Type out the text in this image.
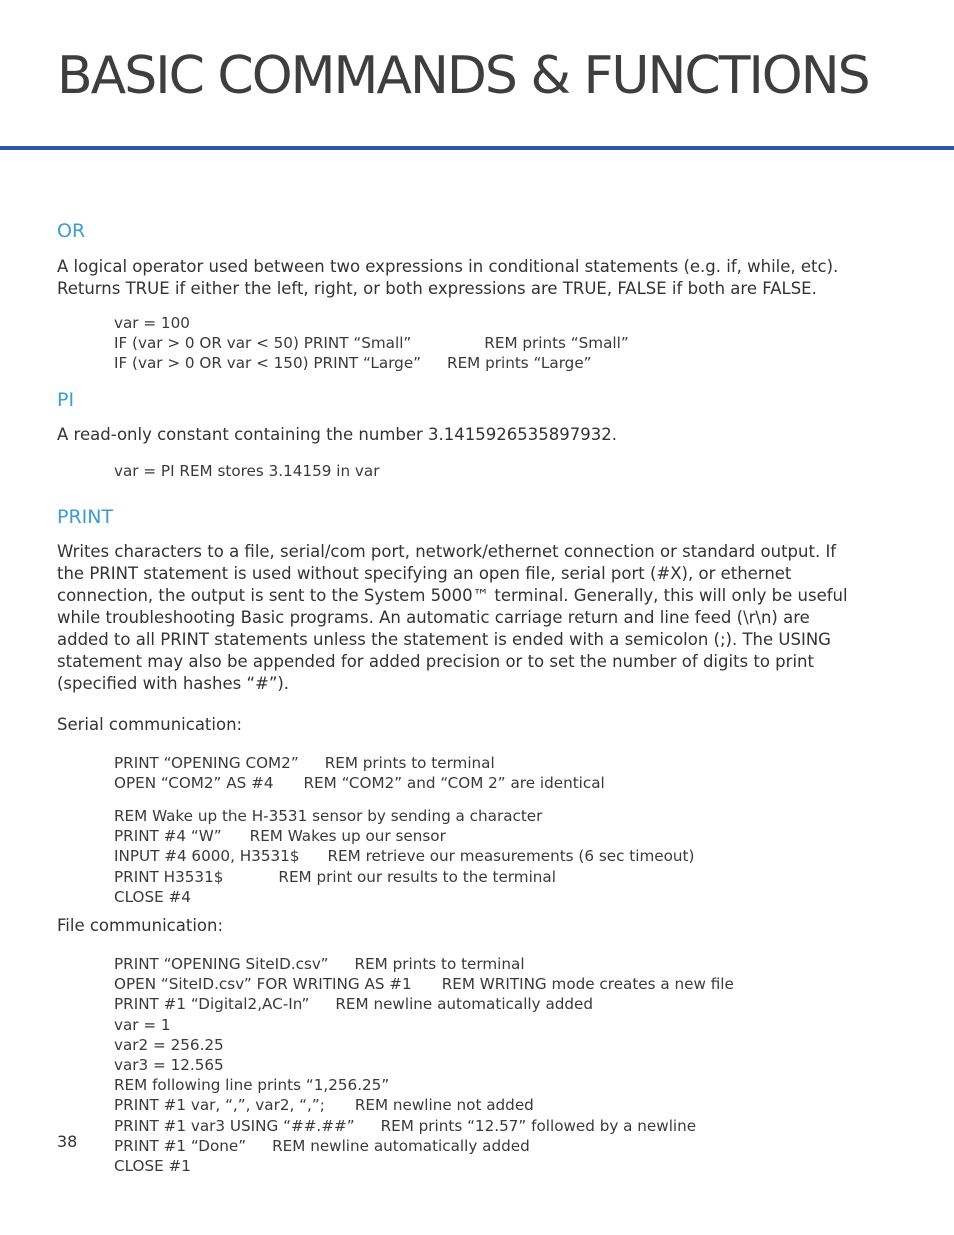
BASIC COMMANDS & FUNCTIONS
OR

A logical operator used between two expressions in conditional statements (e.g. if, while, etc).
Returns TRUE if either the left, right, or both expressions are TRUE, FALSE if both are FALSE.

var = 100
IF (var > 0 OR var < 50) PRINT “Small”	REM prints “Small”
IF (var > 0 OR var < 150) PRINT “Large” REM prints “Large”
PI

A read-only constant containing the number 3.1415926535897932.

var = PI REM stores 3.14159 in var
PRINT

Writes characters to a file, serial/com port, network/ethernet connection or standard output. If
the PRINT statement is used without specifying an open file, serial port (#X), or ethernet
connection, the output is sent to the System 5000™ terminal. Generally, this will only be useful
while troubleshooting Basic programs. An automatic carriage return and line feed (\r\n) are
added to all PRINT statements unless the statement is ended with a semicolon (;). The USING
statement may also be appended for added precision or to set the number of digits to print
(specified with hashes “#”).

Serial communication:

PRINT “OPENING COM2” REM prints to terminal
OPEN “COM2” AS #4 REM “COM2” and “COM 2” are identical
REM Wake up the H-3531 sensor by sending a character
PRINT #4 “W” REM Wakes up our sensor
INPUT #4 6000, H3531$ REM retrieve our measurements (6 sec timeout)
PRINT H3531$	REM print our results to the terminal
CLOSE #4

File communication:

PRINT “OPENING SiteID.csv” REM prints to terminal
OPEN “SiteID.csv” FOR WRITING AS #1 REM WRITING mode creates a new file
PRINT #1 “Digital2,AC-In” REM newline automatically added
var = 1
var2 = 256.25
var3 = 12.565
REM following line prints “1,256.25”
PRINT #1 var, “,”, var2, “,”; REM newline not added
PRINT #1 var3 USING “##.##” REM prints “12.57” followed by a newline
PRINT #1 “Done” REM newline automatically added
CLOSE #1
38
